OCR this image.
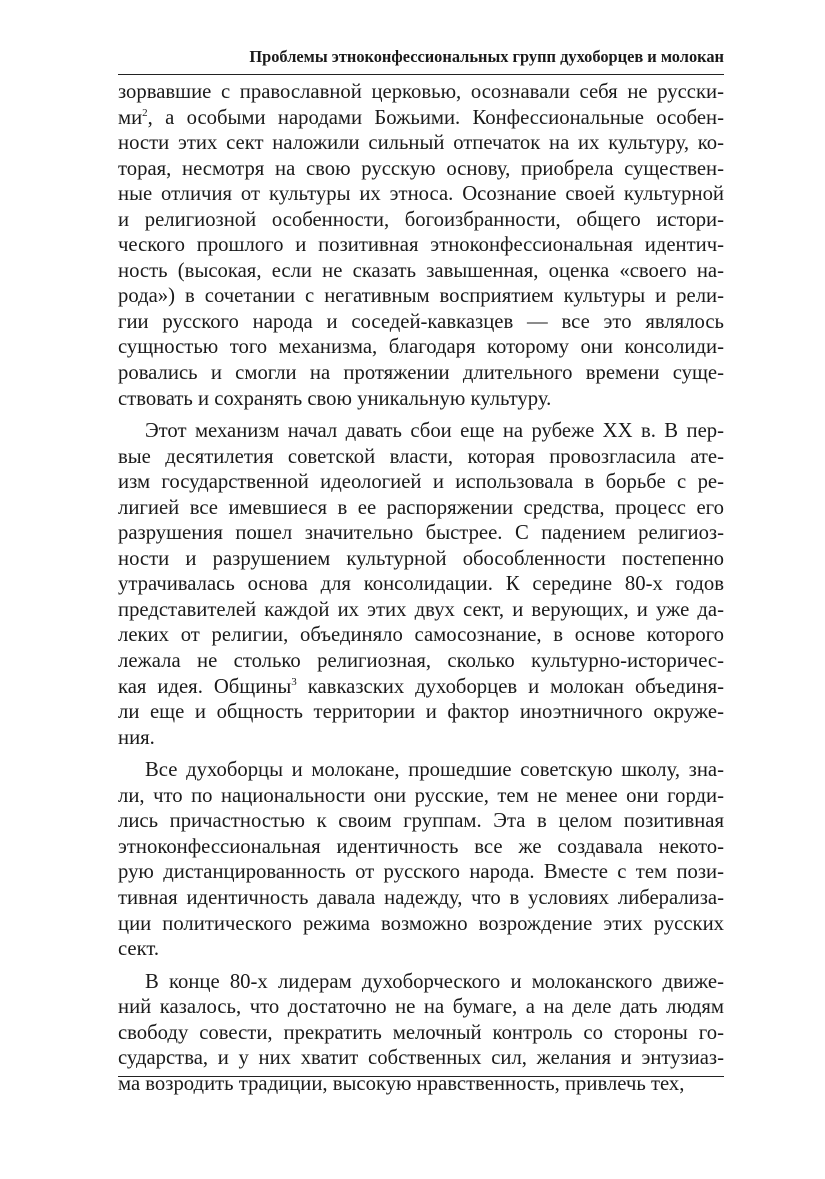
Проблемы этноконфессиональных групп духоборцев и молокан
зорвавшие с православной церковью, осознавали себя не русски-
ми$^2$, а особыми народами Божьими. Конфессиональные особен-
ности этих сект наложили сильный отпечаток на их культуру, ко-
торая, несмотря на свою русскую основу, приобрела существен-
ные отличия от культуры их этноса. Осознание своей культурной
и религиозной особенности, богоизбранности, общего истори-
ческого прошлого и позитивная этноконфессиональная идентич-
ность (высокая, если не сказать завышенная, оценка «своего на-
рода») в сочетании с негативным восприятием культуры и рели-
гии русского народа и соседей-кавказцев — все это являлось
сущностью того механизма, благодаря которому они консолиди-
ровались и смогли на протяжении длительного времени суще-
ствовать и сохранять свою уникальную культуру.
Этот механизм начал давать сбои еще на рубеже XX в. В пер-
вые десятилетия советской власти, которая провозгласила ате-
изм государственной идеологией и использовала в борьбе с ре-
лигией все имевшиеся в ее распоряжении средства, процесс его
разрушения пошел значительно быстрее. С падением религиоз-
ности и разрушением культурной обособленности постепенно
утрачивалась основа для консолидации. К середине 80-х годов
представителей каждой их этих двух сект, и верующих, и уже да-
леких от религии, объединяло самосознание, в основе которого
лежала не столько религиозная, сколько культурно-историчес-
кая идея. Общины$^3$ кавказских духоборцев и молокан объединя-
ли еще и общность территории и фактор иноэтничного окруже-
ния.
Все духоборцы и молокане, прошедшие советскую школу, зна-
ли, что по национальности они русские, тем не менее они горди-
лись причастностью к своим группам. Эта в целом позитивная
этноконфессиональная идентичность все же создавала некото-
рую дистанцированность от русского народа. Вместе с тем пози-
тивная идентичность давала надежду, что в условиях либерализа-
ции политического режима возможно возрождение этих русских
сект.
В конце 80-х лидерам духоборческого и молоканского движе-
ний казалось, что достаточно не на бумаге, а на деле дать людям
свободу совести, прекратить мелочный контроль со стороны го-
сударства, и у них хватит собственных сил, желания и энтузиаз-
ма возродить традиции, высокую нравственность, привлечь тех,
